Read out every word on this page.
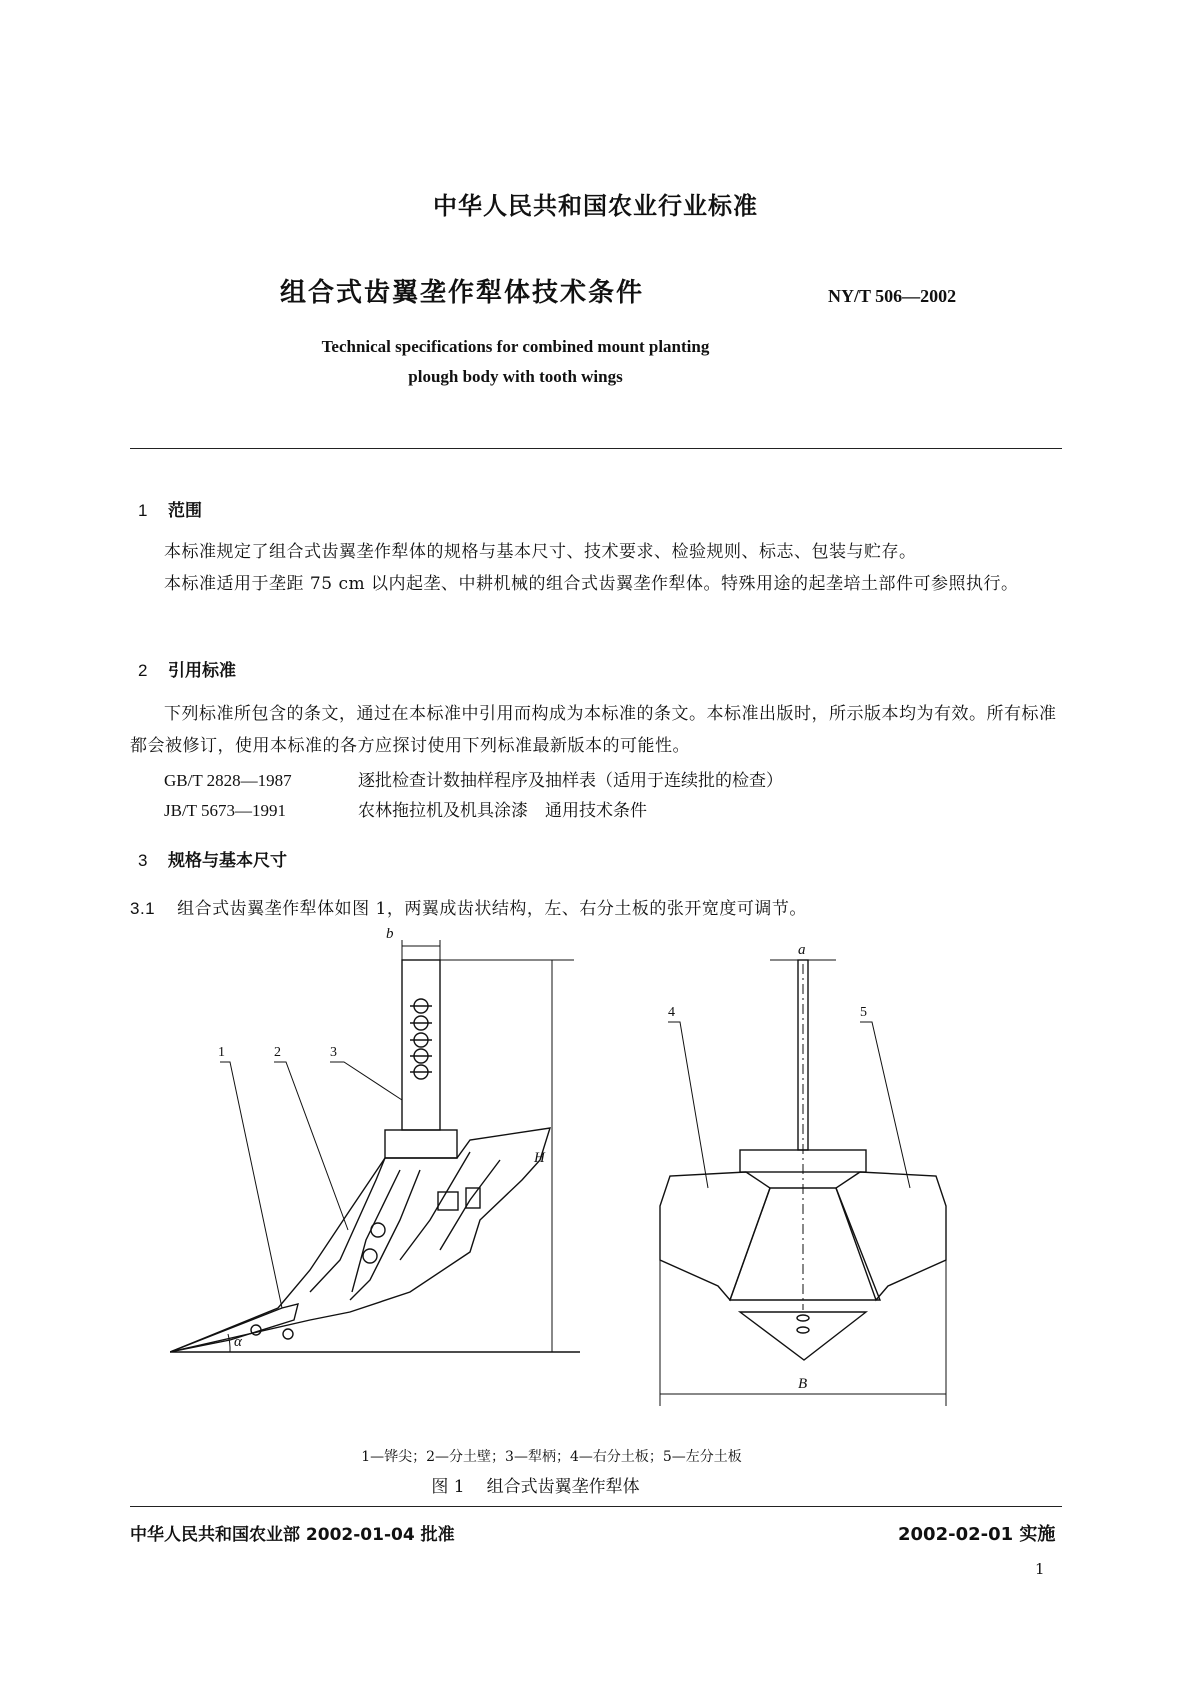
中华人民共和国农业行业标准
组合式齿翼垄作犁体技术条件	NY/T 506—2002
Technical specifications for combined mount planting
plough body with tooth wings
1 范围
本标准规定了组合式齿翼垄作犁体的规格与基本尺寸、技术要求、检验规则、标志、包装与贮存。
本标准适用于垄距 75 cm 以内起垄、中耕机械的组合式齿翼垄作犁体。特殊用途的起垄培土部件可参照执行。
2 引用标准
下列标准所包含的条文，通过在本标准中引用而构成为本标准的条文。本标准出版时，所示版本均为有效。所有标准都会被修订，使用本标准的各方应探讨使用下列标准最新版本的可能性。
GB/T 2828—1987	逐批检查计数抽样程序及抽样表（适用于连续批的检查）
JB/T 5673—1991	农林拖拉机及机具涂漆　通用技术条件
3 规格与基本尺寸
3.1 组合式齿翼垄作犁体如图 1，两翼成齿状结构，左、右分土板的张开宽度可调节。
b
a
H
B
α
1	2	3
4	5
1—铧尖；2—分土壁；3—犁柄；4—右分土板；5—左分土板
图 1 组合式齿翼垄作犁体
中华人民共和国农业部 2002-01-04 批准	2002-02-01 实施
1
